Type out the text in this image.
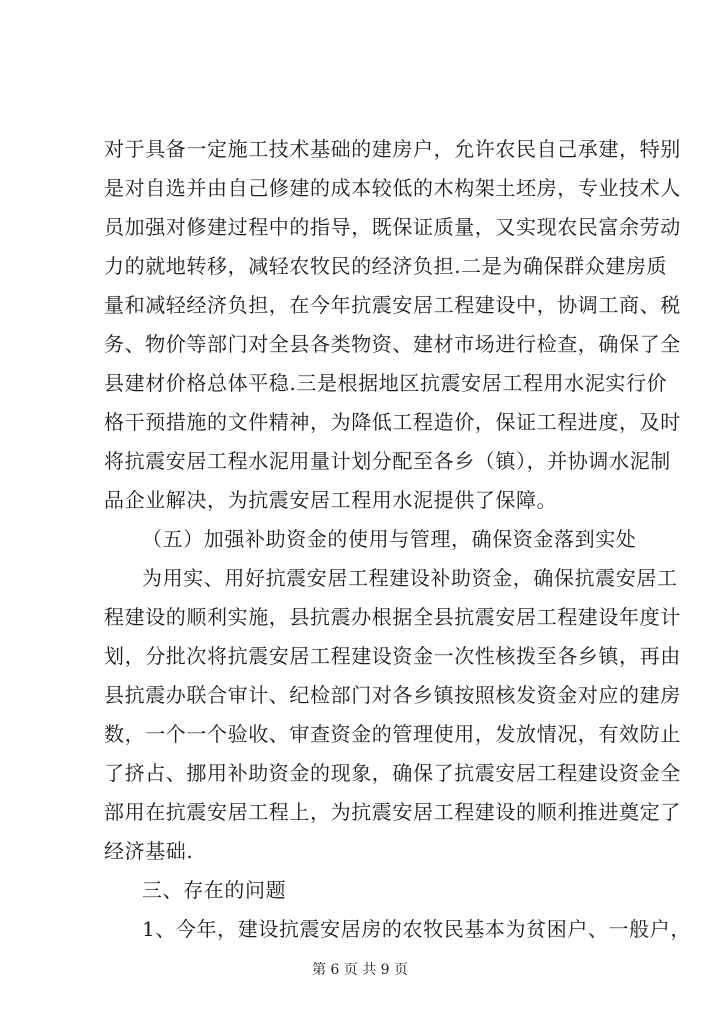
对于具备一定施工技术基础的建房户，允许农民自己承建，特别
是对自选并由自己修建的成本较低的木构架土坯房，专业技术人
员加强对修建过程中的指导，既保证质量，又实现农民富余劳动
力的就地转移，减轻农牧民的经济负担.二是为确保群众建房质
量和减轻经济负担，在今年抗震安居工程建设中，协调工商、税
务、物价等部门对全县各类物资、建材市场进行检查，确保了全
县建材价格总体平稳.三是根据地区抗震安居工程用水泥实行价
格干预措施的文件精神，为降低工程造价，保证工程进度，及时
将抗震安居工程水泥用量计划分配至各乡（镇），并协调水泥制
品企业解决，为抗震安居工程用水泥提供了保障。
（五）加强补助资金的使用与管理，确保资金落到实处
为用实、用好抗震安居工程建设补助资金，确保抗震安居工
程建设的顺利实施，县抗震办根据全县抗震安居工程建设年度计
划，分批次将抗震安居工程建设资金一次性核拨至各乡镇，再由
县抗震办联合审计、纪检部门对各乡镇按照核发资金对应的建房
数，一个一个验收、审查资金的管理使用，发放情况，有效防止
了挤占、挪用补助资金的现象，确保了抗震安居工程建设资金全
部用在抗震安居工程上，为抗震安居工程建设的顺利推进奠定了
经济基础.
三、存在的问题
1、今年，建设抗震安居房的农牧民基本为贫困户、一般户，
第 6 页 共 9 页
